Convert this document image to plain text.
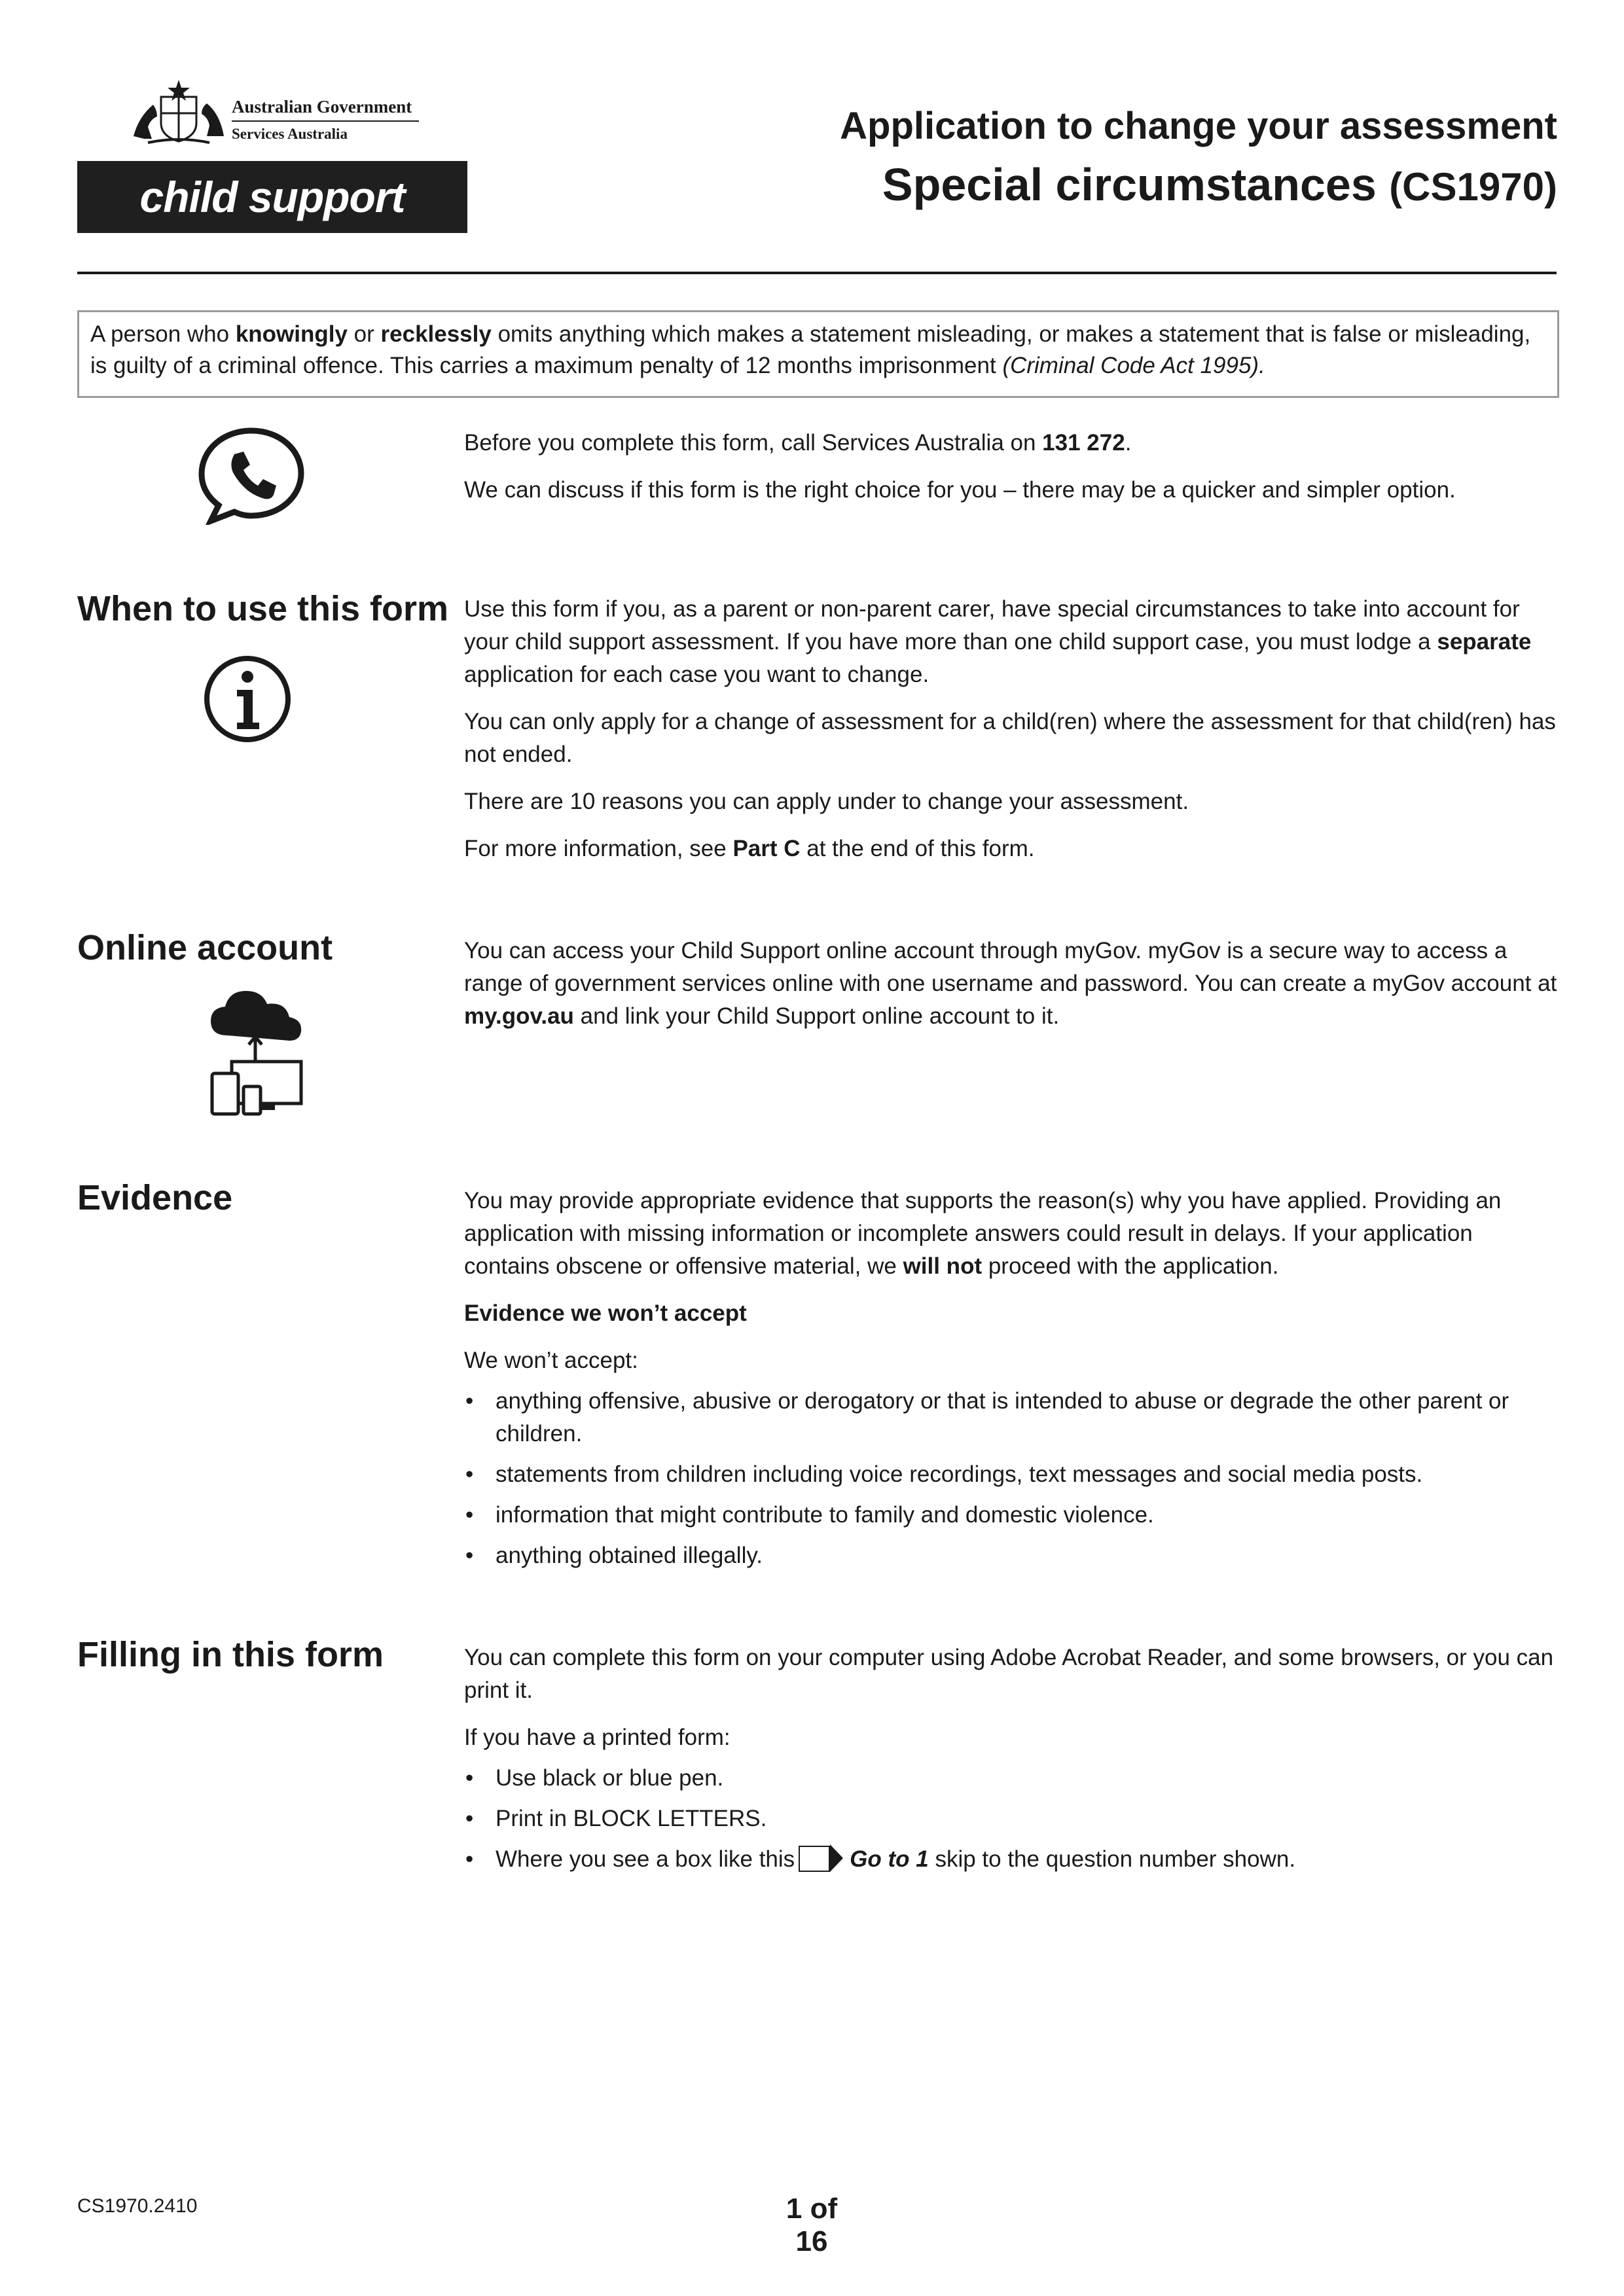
Australian Government
Services Australia
child support
Application to change your assessment
Special circumstances (CS1970)
A person who knowingly or recklessly omits anything which makes a statement misleading, or makes a statement that is false or misleading, is guilty of a criminal offence. This carries a maximum penalty of 12 months imprisonment (Criminal Code Act 1995).

Before you complete this form, call Services Australia on 131 272.

We can discuss if this form is the right choice for you – there may be a quicker and simpler option.

When to use this form Use this form if you, as a parent or non-parent carer, have special circumstances to take into account for your child support assessment. If you have more than one child support case, you must lodge a separate application for each case you want to change.

You can only apply for a change of assessment for a child(ren) where the assessment for that child(ren) has not ended.

There are 10 reasons you can apply under to change your assessment.

For more information, see Part C at the end of this form.

Online account	You can access your Child Support online account through myGov. myGov is a secure way to access a range of government services online with one username and password. You can create a myGov account at my.gov.au and link your Child Support online account to it.

Evidence	You may provide appropriate evidence that supports the reason(s) why you have applied. Providing an application with missing information or incomplete answers could result in delays. If your application contains obscene or offensive material, we will not proceed with the application.

Evidence we won’t accept

We won’t accept:

• anything offensive, abusive or derogatory or that is intended to abuse or degrade the other parent or children.
• statements from children including voice recordings, text messages and social media posts.
• information that might contribute to family and domestic violence.
• anything obtained illegally.
Filling in this form	You can complete this form on your computer using Adobe Acrobat Reader, and some browsers, or you can print it.

If you have a printed form:

• Use black or blue pen.
• Print in BLOCK LETTERS.
• Where you see a box like this Go to 1 skip to the question number shown.
CS1970.2410	1 of 16
